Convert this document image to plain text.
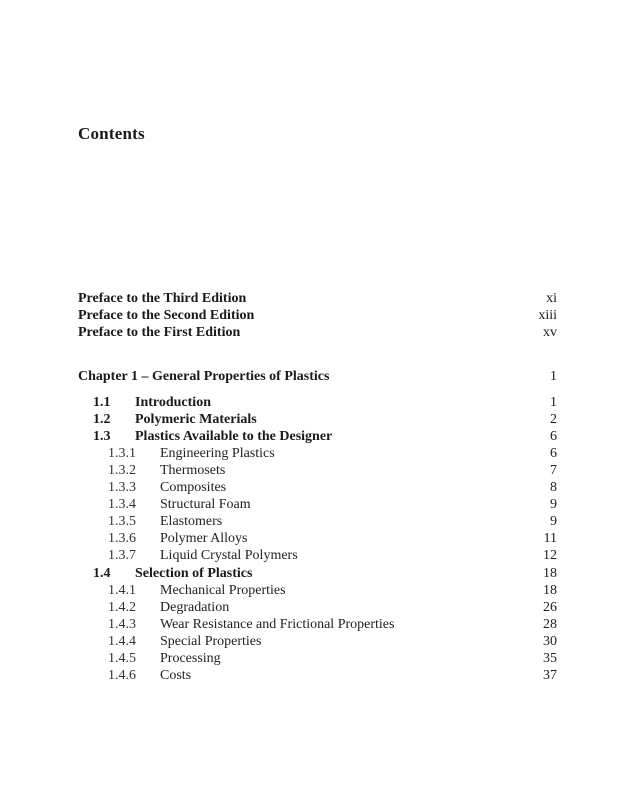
Contents
Preface to the Third Edition	xi
Preface to the Second Edition	xiii
Preface to the First Edition	xv
Chapter 1 – General Properties of Plastics	1
1.1 Introduction	1
1.2 Polymeric Materials	2
1.3 Plastics Available to the Designer	6
1.3.1 Engineering Plastics	6
1.3.2 Thermosets	7
1.3.3 Composites	8
1.3.4 Structural Foam	9
1.3.5 Elastomers	9
1.3.6 Polymer Alloys	11
1.3.7 Liquid Crystal Polymers	12
1.4 Selection of Plastics	18
1.4.1 Mechanical Properties	18
1.4.2 Degradation	26
1.4.3 Wear Resistance and Frictional Properties	28
1.4.4 Special Properties	30
1.4.5 Processing	35
1.4.6 Costs	37
